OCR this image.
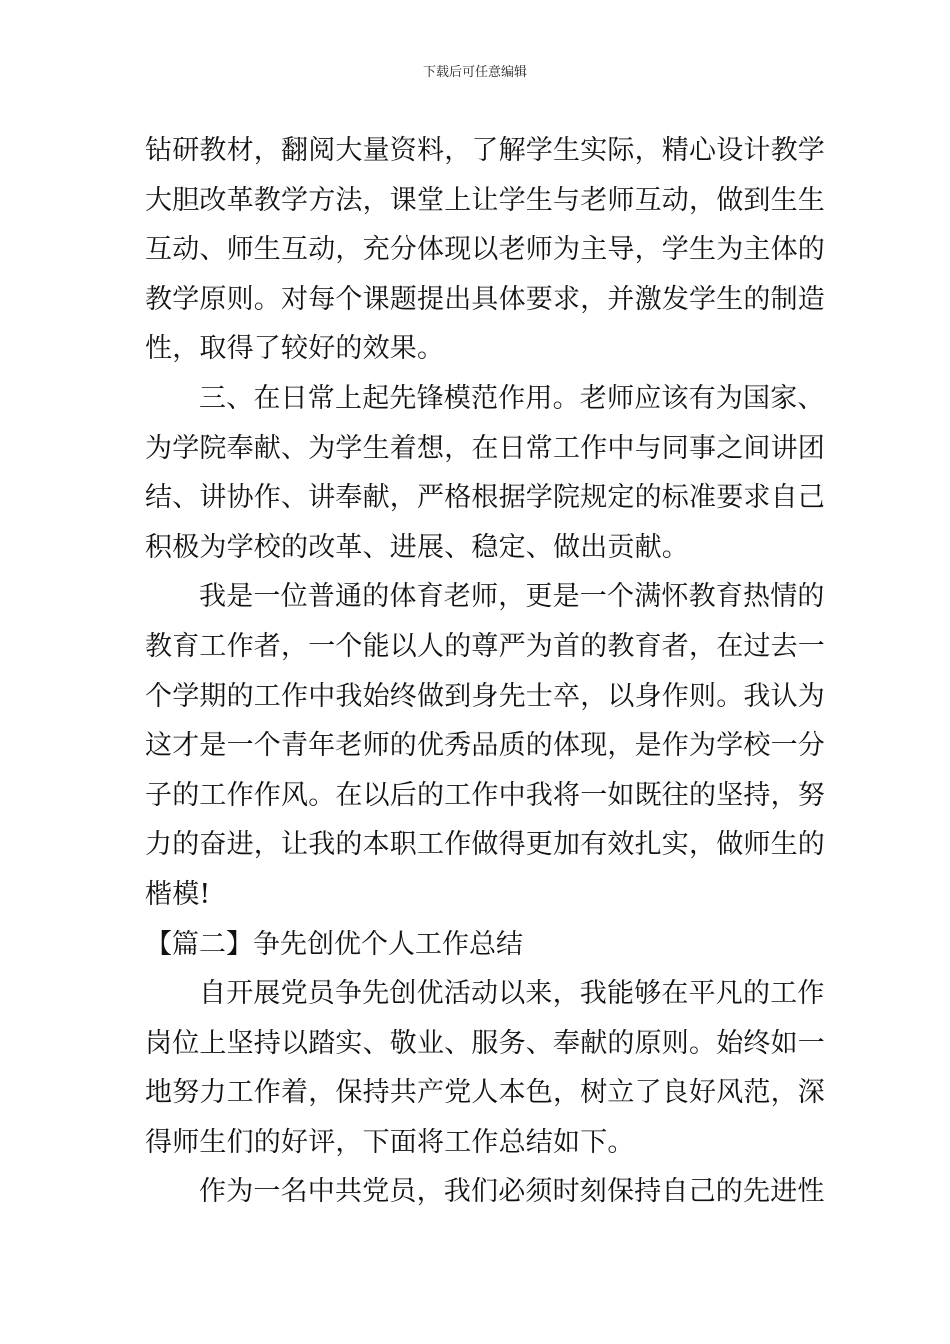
下载后可任意编辑
钻研教材，翻阅大量资料，了解学生实际，精心设计教学
大胆改革教学方法，课堂上让学生与老师互动，做到生生
互动、师生互动，充分体现以老师为主导，学生为主体的
教学原则。对每个课题提出具体要求，并激发学生的制造
性，取得了较好的效果。
三、在日常上起先锋模范作用。老师应该有为国家、
为学院奉献、为学生着想，在日常工作中与同事之间讲团
结、讲协作、讲奉献，严格根据学院规定的标准要求自己
积极为学校的改革、进展、稳定、做出贡献。
我是一位普通的体育老师，更是一个满怀教育热情的
教育工作者，一个能以人的尊严为首的教育者，在过去一
个学期的工作中我始终做到身先士卒，以身作则。我认为
这才是一个青年老师的优秀品质的体现，是作为学校一分
子的工作作风。在以后的工作中我将一如既往的坚持，努
力的奋进，让我的本职工作做得更加有效扎实，做师生的
楷模!
【篇二】争先创优个人工作总结
自开展党员争先创优活动以来，我能够在平凡的工作
岗位上坚持以踏实、敬业、服务、奉献的原则。始终如一
地努力工作着，保持共产党人本色，树立了良好风范，深
得师生们的好评，下面将工作总结如下。
作为一名中共党员，我们必须时刻保持自己的先进性
